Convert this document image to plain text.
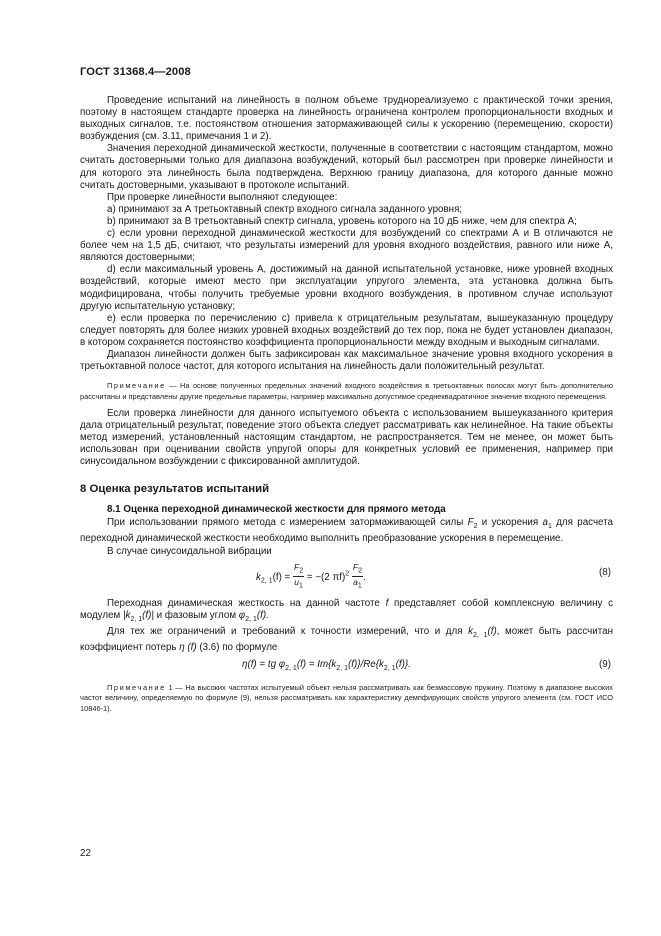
ГОСТ 31368.4—2008

Проведение испытаний на линейность в полном объеме труднореализуемо с практической точки зрения, поэтому в настоящем стандарте проверка на линейность ограничена контролем пропорциональности входных и выходных сигналов, т.е. постоянством отношения затормаживающей силы к ускорению (перемещению, скорости) возбуждения (см. 3.11, примечания 1 и 2).

Значения переходной динамической жесткости, полученные в соответствии с настоящим стандартом, можно считать достоверными только для диапазона возбуждений, который был рассмотрен при проверке линейности и для которого эта линейность была подтверждена. Верхнюю границу диапазона, для которого данные можно считать достоверными, указывают в протоколе испытаний.

При проверке линейности выполняют следующее:

a) принимают за А третьоктавный спектр входного сигнала заданного уровня;

b) принимают за В третьоктавный спектр сигнала, уровень которого на 10 дБ ниже, чем для спектра А;

c) если уровни переходной динамической жесткости для возбуждений со спектрами А и В отличаются не более чем на 1,5 дБ, считают, что результаты измерений для уровня входного воздействия, равного или ниже А, являются достоверными;

d) если максимальный уровень А, достижимый на данной испытательной установке, ниже уровней входных воздействий, которые имеют место при эксплуатации упругого элемента, эта установка должна быть модифицирована, чтобы получить требуемые уровни входного возбуждения, в противном случае используют другую испытательную установку;

e) если проверка по перечислению c) привела к отрицательным результатам, вышеуказанную процедуру следует повторять для более низких уровней входных воздействий до тех пор, пока не будет установлен диапазон, в котором сохраняется постоянство коэффициента пропорциональности между входным и выходным сигналами.

Диапазон линейности должен быть зафиксирован как максимальное значение уровня входного ускорения в третьоктавной полосе частот, для которого испытания на линейность дали положительный результат.

Примечание — На основе полученных предельных значений входного воздействия в третьоктавных полосах могут быть дополнительно рассчитаны и представлены другие предельные параметры, например максимально допустимое среднеквадратичное значение входного перемещения.

Если проверка линейности для данного испытуемого объекта с использованием вышеуказанного критерия дала отрицательный результат, поведение этого объекта следует рассматривать как нелинейное. На такие объекты метод измерений, установленный настоящим стандартом, не распространяется. Тем не менее, он может быть использован при оценивании свойств упругой опоры для конкретных условий ее применения, например при синусоидальном возбуждении с фиксированной амплитудой.

8 Оценка результатов испытаний
8.1 Оценка переходной динамической жесткости для прямого метода

При использовании прямого метода с измерением затормаживающей силы $F_2$ и ускорения $a_1$ для расчета переходной динамической жесткости необходимо выполнить преобразование ускорения в перемещение.

В случае синусоидальной вибрации

$k_{2, 1}(f) = \frac{F_2}{u_1} = -(2$ $\pi f)^2 \frac{F_2}{a_1}$ .	(8)

Переходная динамическая жесткость на данной частоте f представляет собой комплексную величину с модулем $|k_{2, 1}(f)|$ и фазовым углом $\varphi_{2, 1}(f)$.

Для тех же ограничений и требований к точности измерений, что и для $k_{2, 1}(f)$, может быть рассчитан коэффициент потерь η (f) (3.6) по формуле

η(f) = tg $\varphi_{2, 1}(f) = Im\{k_{2, 1}(f)\}/Re\{k_{2, 1}(f)\}$.	(9)
Примечание 1 — На высоких частотах испытуемый объект нельзя рассматривать как безмассовую пружину. Поэтому в диапазоне высоких частот величину, определяемую по формуле (9), нельзя рассматривать как характеристику демпфирующих свойств упругого элемента (см. ГОСТ ИСО 10846-1).
22
